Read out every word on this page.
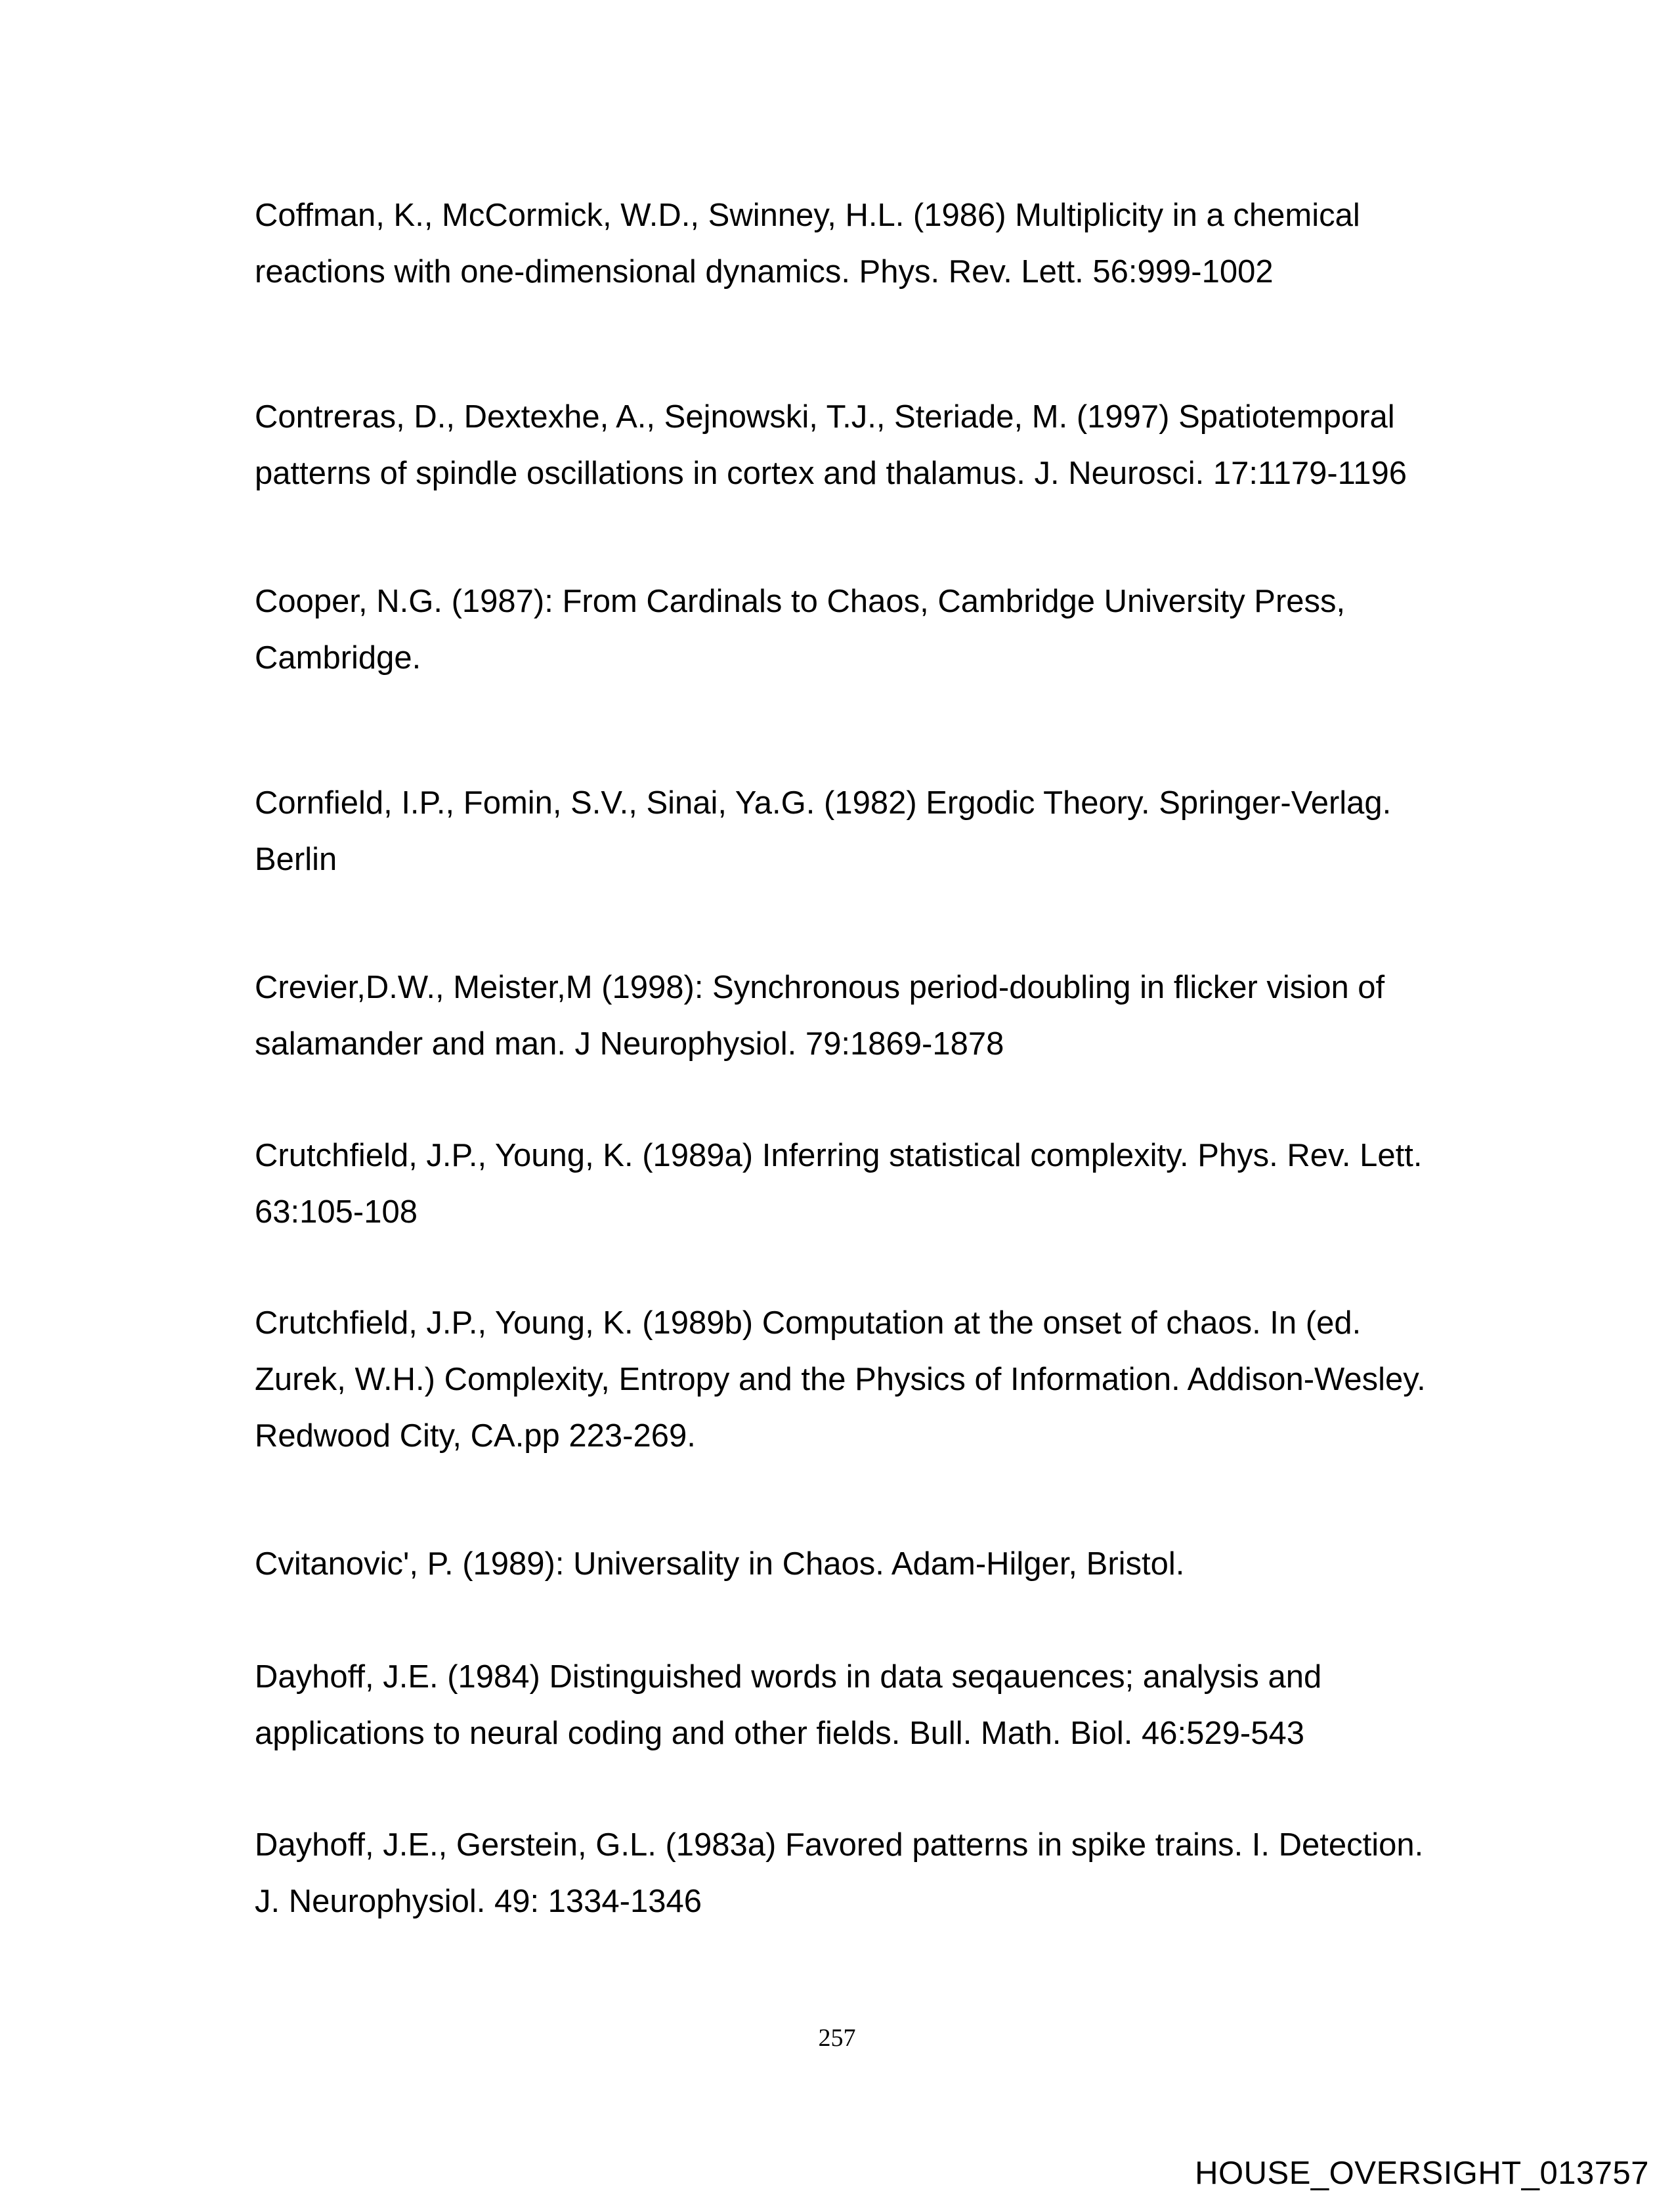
Coffman, K., McCormick, W.D., Swinney, H.L. (1986) Multiplicity in a chemical
reactions with one-dimensional dynamics. Phys. Rev. Lett. 56:999-1002

Contreras, D., Dextexhe, A., Sejnowski, T.J., Steriade, M. (1997) Spatiotemporal
patterns of spindle oscillations in cortex and thalamus. J. Neurosci. 17:1179-1196

Cooper, N.G. (1987): From Cardinals to Chaos, Cambridge University Press,
Cambridge.

Cornfield, I.P., Fomin, S.V., Sinai, Ya.G. (1982) Ergodic Theory. Springer-Verlag.
Berlin

Crevier,D.W., Meister,M (1998): Synchronous period-doubling in flicker vision of
salamander and man. J Neurophysiol. 79:1869-1878

Crutchfield, J.P., Young, K. (1989a) Inferring statistical complexity. Phys. Rev. Lett.
63:105-108

Crutchfield, J.P., Young, K. (1989b) Computation at the onset of chaos. In (ed.
Zurek, W.H.) Complexity, Entropy and the Physics of Information. Addison-Wesley.
Redwood City, CA.pp 223-269.

Cvitanovic', P. (1989): Universality in Chaos. Adam-Hilger, Bristol.

Dayhoff, J.E. (1984) Distinguished words in data seqauences; analysis and
applications to neural coding and other fields. Bull. Math. Biol. 46:529-543

Dayhoff, J.E., Gerstein, G.L. (1983a) Favored patterns in spike trains. I. Detection.
J. Neurophysiol. 49: 1334-1346

257
HOUSE_OVERSIGHT_013757
